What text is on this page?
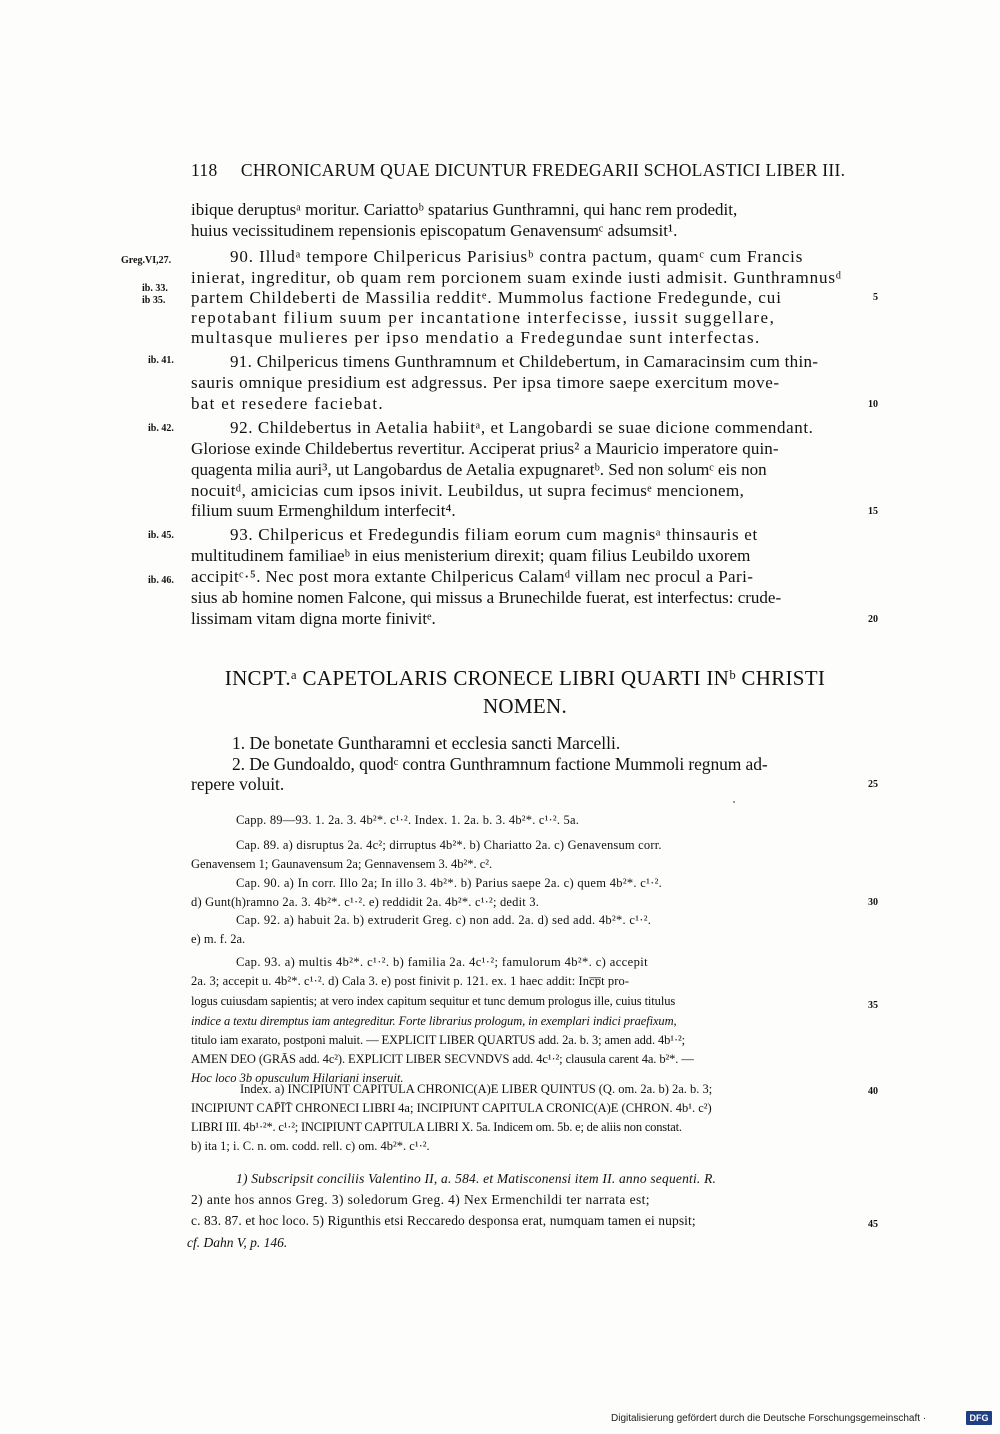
118 CHRONICARUM QUAE DICUNTUR FREDEGARII SCHOLASTICI LIBER III.
Greg.VI,27.
ib. 33.
ib 35.
ib. 41.
ib. 42.
ib. 45.
ib. 46.
5
10
15
20
25
30
35
40
45
ibique deruptusᵃ moritur. Cariattoᵇ spatarius Gunthramni, qui hanc rem prodedit,
huius vecissitudinem repensionis episcopatum Genavensumᶜ adsumsit¹.
90. Illudᵃ tempore Chilpericus Parisiusᵇ contra pactum, quamᶜ cum Francis
inierat, ingreditur, ob quam rem porcionem suam exinde iusti admisit. Gunthramnusᵈ
partem Childeberti de Massilia redditᵉ. Mummolus factione Fredegunde, cui
repotabant filium suum per incantatione interfecisse, iussit suggellare,
multasque mulieres per ipso mendatio a Fredegundae sunt interfectas.
91. Chilpericus timens Gunthramnum et Childebertum, in Camaracinsim cum thin-
sauris omnique presidium est adgressus. Per ipsa timore saepe exercitum move-
bat et resedere faciebat.
92. Childebertus in Aetalia habiitᵃ, et Langobardi se suae dicione commendant.
Gloriose exinde Childebertus revertitur. Acciperat prius² a Mauricio imperatore quin-
quagenta milia auri³, ut Langobardus de Aetalia expugnaretᵇ. Sed non solumᶜ eis non
nocuitᵈ, amicicias cum ipsos inivit. Leubildus, ut supra fecimusᵉ mencionem,
filium suum Ermenghildum interfecit⁴.
93. Chilpericus et Fredegundis filiam eorum cum magnisᵃ thinsauris et
multitudinem familiaeᵇ in eius menisterium direxit; quam filius Leubildo uxorem
accipitᶜ·⁵. Nec post mora extante Chilpericus Calamᵈ villam nec procul a Pari-
sius ab homine nomen Falcone, qui missus a Brunechilde fuerat, est interfectus: crude-
lissimam vitam digna morte finivitᵉ.
INCPT.ᵃ CAPETOLARIS CRONECE LIBRI QUARTI INᵇ CHRISTI
NOMEN.
1. De bonetate Guntharamni et ecclesia sancti Marcelli.
2. De Gundoaldo, quodᶜ contra Gunthramnum factione Mummoli regnum ad-
repere voluit.
Capp. 89—93. 1. 2a. 3. 4b²*. c¹·². Index. 1. 2a. b. 3. 4b²*. c¹·². 5a.
Cap. 89. a) disruptus 2a. 4c²; dirruptus 4b²*. b) Chariatto 2a. c) Genavensum corr.
Genavensem 1; Gaunavensum 2a; Gennavensem 3. 4b²*. c².
Cap. 90. a) In corr. Illo 2a; In illo 3. 4b²*. b) Parius saepe 2a. c) quem 4b²*. c¹·².
d) Gunt(h)ramno 2a. 3. 4b²*. c¹·². e) reddidit 2a. 4b²*. c¹·²; dedit 3.
Cap. 92. a) habuit 2a. b) extruderit Greg. c) non add. 2a. d) sed add. 4b²*. c¹·².
e) m. f. 2a.
Cap. 93. a) multis 4b²*. c¹·². b) familia 2a. 4c¹·²; famulorum 4b²*. c) accepit
2a. 3; accepit u. 4b²*. c¹·². d) Cala 3. e) post finivit p. 121. ex. 1 haec addit: Inc̅p̅t pro-
logus cuiusdam sapientis; at vero index capitum sequitur et tunc demum prologus ille, cuius titulus
indice a textu diremptus iam antegreditur. Forte librarius prologum, in exemplari indici praefixum,
titulo iam exarato, postponi maluit. — EXPLICIT LIBER QUARTUS add. 2a. b. 3; amen add. 4b¹·²;
AMEN DEO (GRĀS add. 4c²). EXPLICIT LIBER SECVNDVS add. 4c¹·²; clausula carent 4a. b²*. —
Hoc loco 3b opusculum Hilariani inseruit.
Index. a) INCIPIUNT CAPITULA CHRONIC(A)E LIBER QUINTUS (Q. om. 2a. b) 2a. b. 3;
INCIPIUNT CAP̄ĪT̄ CHRONECI LIBRI 4a; INCIPIUNT CAPITULA CRONIC(A)E (CHRON. 4b¹. c²)
LIBRI III. 4b¹·²*. c¹·²; INCIPIUNT CAPITULA LIBRI X. 5a. Indicem om. 5b. e; de aliis non constat.
b) ita 1; i. C. n. om. codd. rell. c) om. 4b²*. c¹·².
1) Subscripsit conciliis Valentino II, a. 584. et Matisconensi item II. anno sequenti. R.
2) ante hos annos Greg. 3) soledorum Greg. 4) Nex Ermenchildi ter narrata est;
c. 83. 87. et hoc loco. 5) Rigunthis etsi Reccaredo desponsa erat, numquam tamen ei nupsit;
cf. Dahn V, p. 146.
Digitalisierung gefördert durch die Deutsche Forschungsgemeinschaft ·	DFG
